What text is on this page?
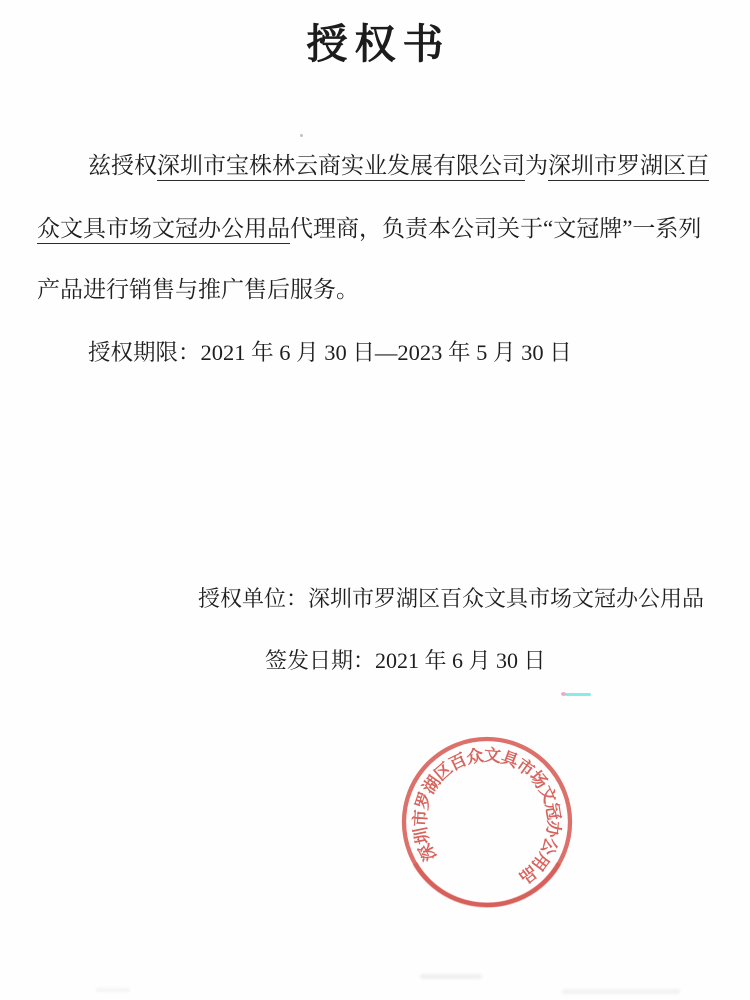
授权书
兹授权深圳市宝株林云商实业发展有限公司为深圳市罗湖区百
众文具市场文冠办公用品代理商，负责本公司关于“文冠牌”一系列
产品进行销售与推广售后服务。
授权期限：2021 年 6 月 30 日—2023 年 5 月 30 日
授权单位：深圳市罗湖区百众文具市场文冠办公用品
签发日期：2021 年 6 月 30 日
深圳市罗湖区百众文具市场文冠办公用品
